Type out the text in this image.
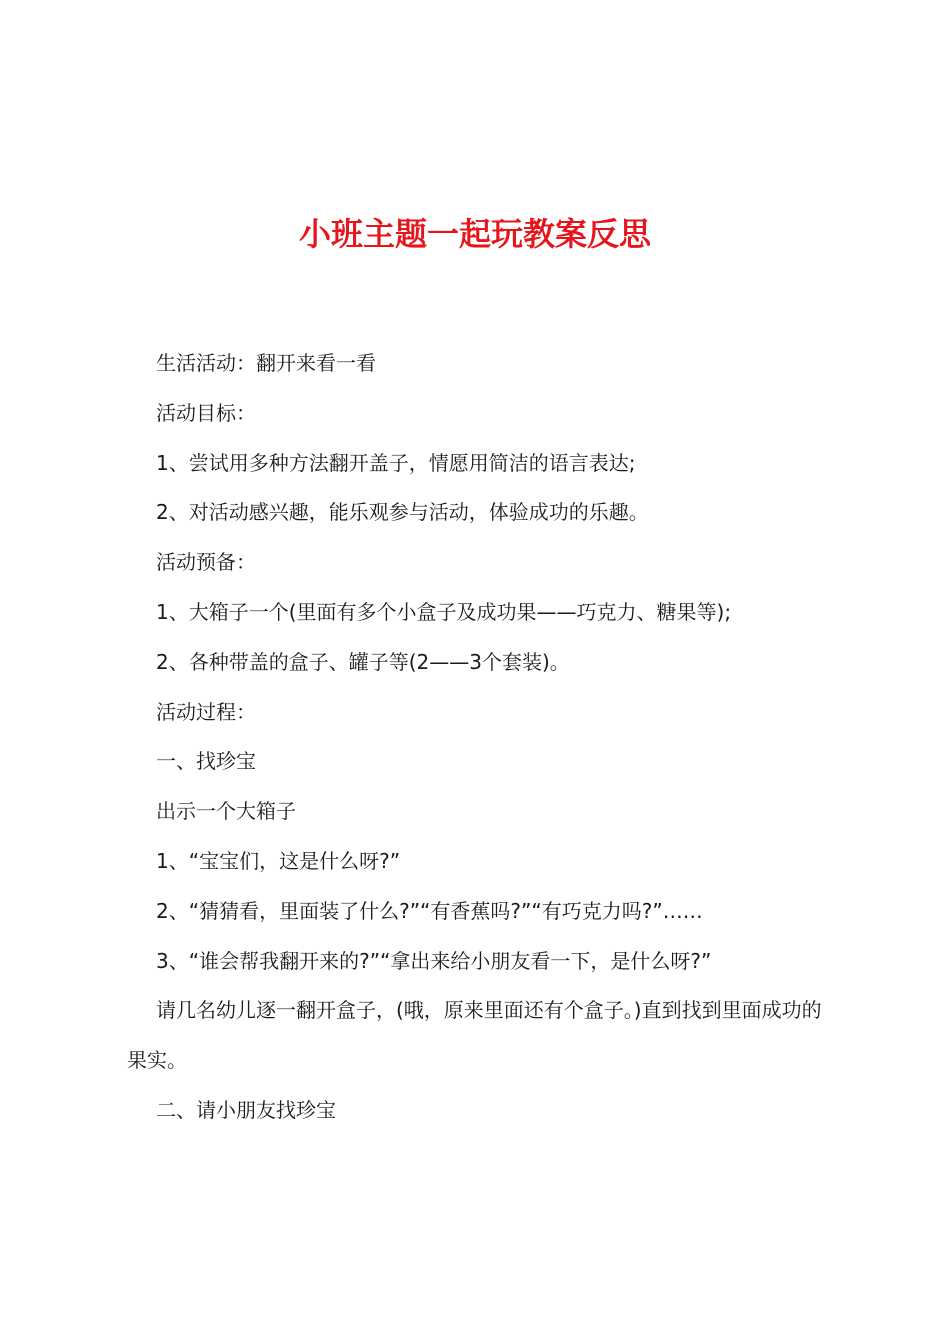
小班主题一起玩教案反思

生活活动：翻开来看一看

活动目标：

1、尝试用多种方法翻开盖子，情愿用简洁的语言表达;

2、对活动感兴趣，能乐观参与活动，体验成功的乐趣。

活动预备：

1、大箱子一个(里面有多个小盒子及成功果——巧克力、糖果等);

2、各种带盖的盒子、罐子等(2——3个套装)。

活动过程：

一、找珍宝

出示一个大箱子

1、“宝宝们，这是什么呀?”

2、“猜猜看，里面装了什么?”“有香蕉吗?”“有巧克力吗?”……

3、“谁会帮我翻开来的?”“拿出来给小朋友看一下，是什么呀?”

请几名幼儿逐一翻开盒子，(哦，原来里面还有个盒子。)直到找到里面成功的果实。

二、请小朋友找珍宝
